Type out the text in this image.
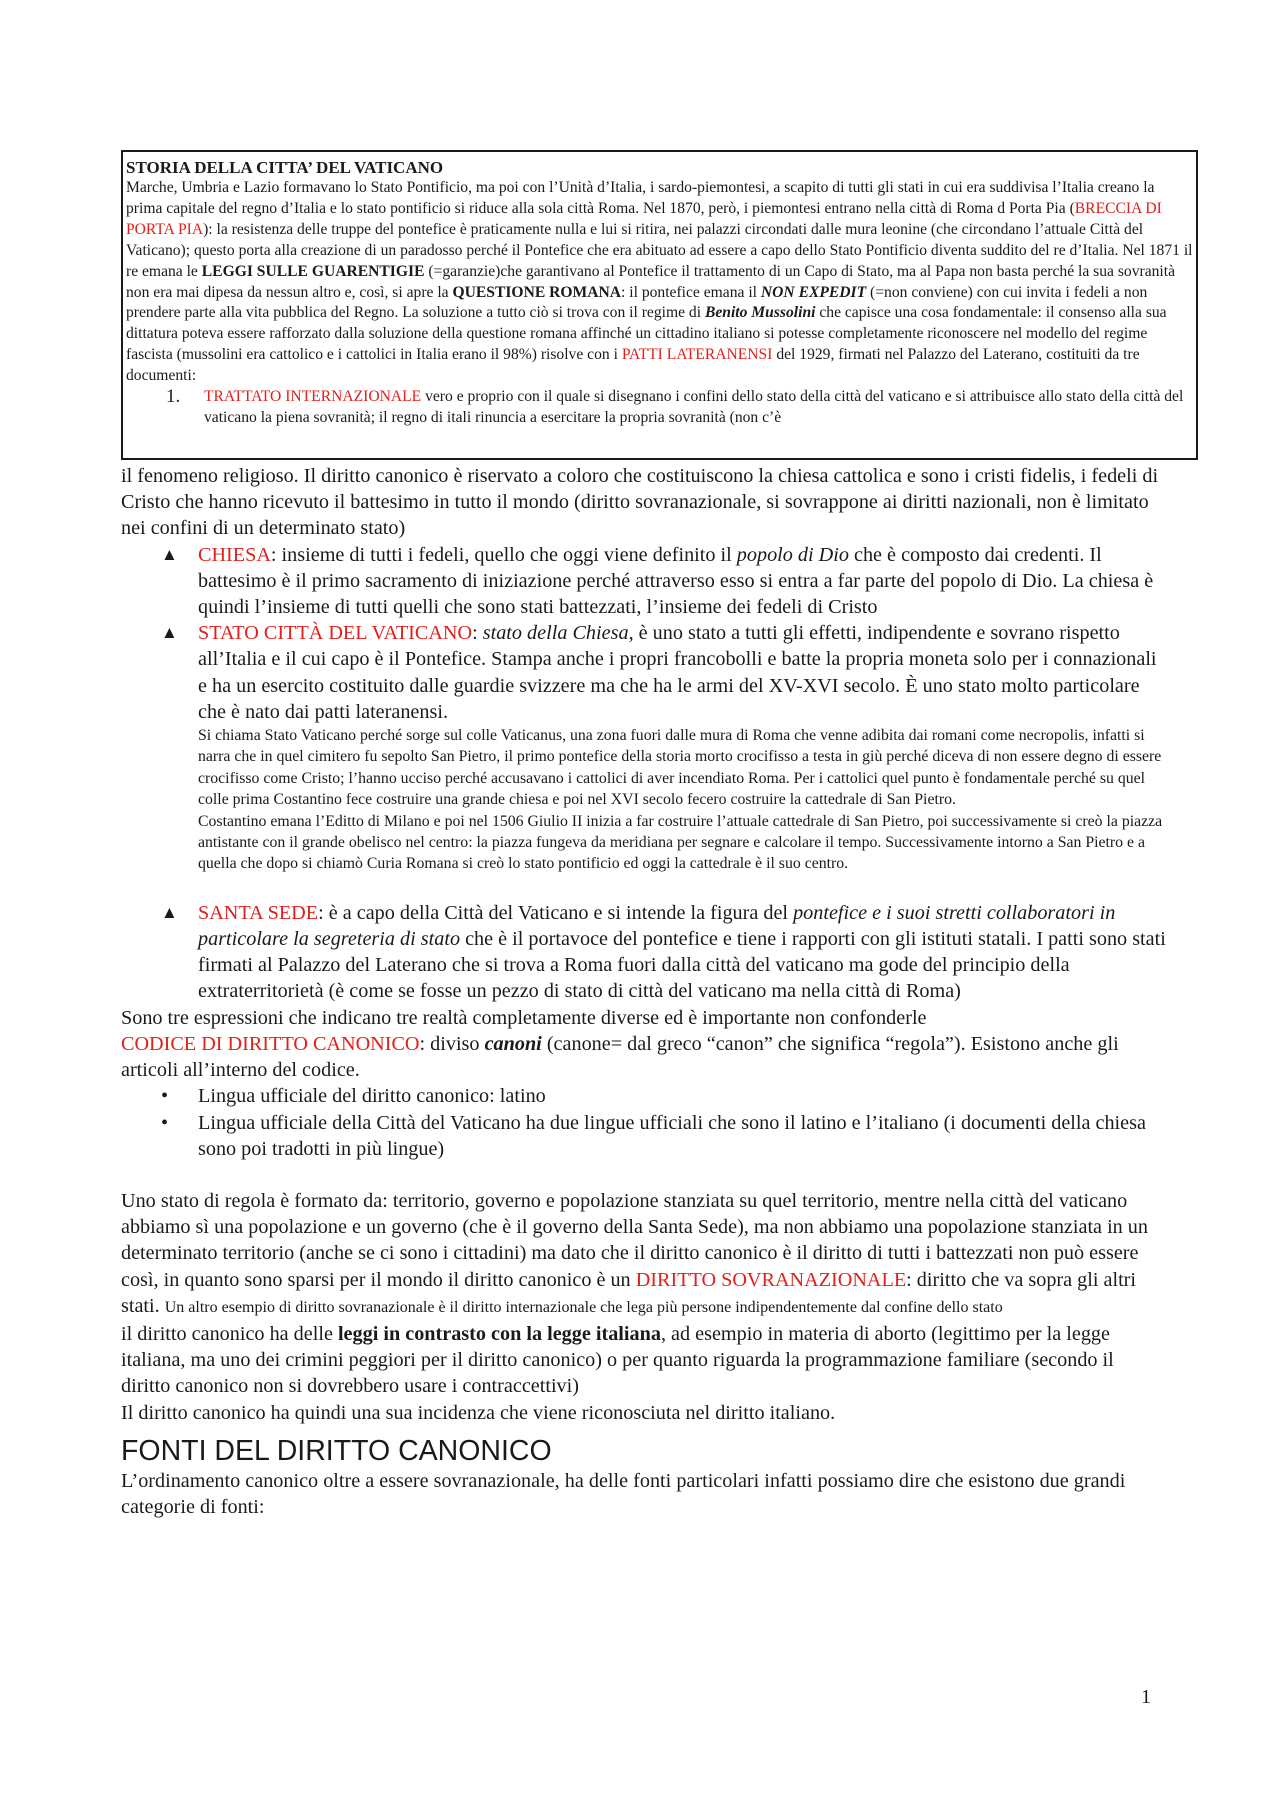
STORIA DELLA CITTA’ DEL VATICANO

Marche, Umbria e Lazio formavano lo Stato Pontificio, ma poi con l’Unità d’Italia, i sardo-piemontesi, a scapito di tutti gli stati in cui era suddivisa l’Italia creano la prima capitale del regno d’Italia e lo stato pontificio si riduce alla sola città Roma. Nel 1870, però, i piemontesi entrano nella città di Roma d Porta Pia (BRECCIA DI PORTA PIA): la resistenza delle truppe del pontefice è praticamente nulla e lui si ritira, nei palazzi circondati dalle mura leonine (che circondano l’attuale Città del Vaticano); questo porta alla creazione di un paradosso perché il Pontefice che era abituato ad essere a capo dello Stato Pontificio diventa suddito del re d’Italia. Nel 1871 il re emana le LEGGI SULLE GUARENTIGIE (=garanzie)che garantivano al Pontefice il trattamento di un Capo di Stato, ma al Papa non basta perché la sua sovranità non era mai dipesa da nessun altro e, così, si apre la QUESTIONE ROMANA: il pontefice emana il NON EXPEDIT (=non conviene) con cui invita i fedeli a non prendere parte alla vita pubblica del Regno. La soluzione a tutto ciò si trova con il regime di Benito Mussolini che capisce una cosa fondamentale: il consenso alla sua dittatura poteva essere rafforzato dalla soluzione della questione romana affinché un cittadino italiano si potesse completamente riconoscere nel modello del regime fascista (mussolini era cattolico e i cattolici in Italia erano il 98%) risolve con i PATTI LATERANENSI del 1929, firmati nel Palazzo del Laterano, costituiti da tre documenti:

1. TRATTATO INTERNAZIONALE vero e proprio con il quale si disegnano i confini dello stato della città del vaticano e si attribuisce allo stato della città del vaticano la piena sovranità; il regno di itali rinuncia a esercitare la propria sovranità (non c’è

il fenomeno religioso. Il diritto canonico è riservato a coloro che costituiscono la chiesa cattolica e sono i cristi fidelis, i fedeli di Cristo che hanno ricevuto il battesimo in tutto il mondo (diritto sovranazionale, si sovrappone ai diritti nazionali, non è limitato nei confini di un determinato stato)

▲ CHIESA: insieme di tutti i fedeli, quello che oggi viene definito il popolo di Dio che è composto dai credenti. Il battesimo è il primo sacramento di iniziazione perché attraverso esso si entra a far parte del popolo di Dio. La chiesa è quindi l’insieme di tutti quelli che sono stati battezzati, l’insieme dei fedeli di Cristo
▲ STATO CITTÀ DEL VATICANO: stato della Chiesa, è uno stato a tutti gli effetti, indipendente e sovrano rispetto all’Italia e il cui capo è il Pontefice. Stampa anche i propri francobolli e batte la propria moneta solo per i connazionali e ha un esercito costituito dalle guardie svizzere ma che ha le armi del XV-XVI secolo. È uno stato molto particolare che è nato dai patti lateranensi.

Si chiama Stato Vaticano perché sorge sul colle Vaticanus, una zona fuori dalle mura di Roma che venne adibita dai romani come necropolis, infatti si narra che in quel cimitero fu sepolto San Pietro, il primo pontefice della storia morto crocifisso a testa in giù perché diceva di non essere degno di essere crocifisso come Cristo; l’hanno ucciso perché accusavano i cattolici di aver incendiato Roma. Per i cattolici quel punto è fondamentale perché su quel colle prima Costantino fece costruire una grande chiesa e poi nel XVI secolo fecero costruire la cattedrale di San Pietro.

Costantino emana l’Editto di Milano e poi nel 1506 Giulio II inizia a far costruire l’attuale cattedrale di San Pietro, poi successivamente si creò la piazza antistante con il grande obelisco nel centro: la piazza fungeva da meridiana per segnare e calcolare il tempo. Successivamente intorno a San Pietro e a quella che dopo si chiamò Curia Romana si creò lo stato pontificio ed oggi la cattedrale è il suo centro.

▲ SANTA SEDE: è a capo della Città del Vaticano e si intende la figura del pontefice e i suoi stretti collaboratori in particolare la segreteria di stato che è il portavoce del pontefice e tiene i rapporti con gli istituti statali. I patti sono stati firmati al Palazzo del Laterano che si trova a Roma fuori dalla città del vaticano ma gode del principio della extraterritorietà (è come se fosse un pezzo di stato di città del vaticano ma nella città di Roma)

Sono tre espressioni che indicano tre realtà completamente diverse ed è importante non confonderle

CODICE DI DIRITTO CANONICO: diviso canoni (canone= dal greco “canon” che significa “regola”). Esistono anche gli articoli all’interno del codice.

• Lingua ufficiale del diritto canonico: latino
• Lingua ufficiale della Città del Vaticano ha due lingue ufficiali che sono il latino e l’italiano (i documenti della chiesa sono poi tradotti in più lingue)

Uno stato di regola è formato da: territorio, governo e popolazione stanziata su quel territorio, mentre nella città del vaticano abbiamo sì una popolazione e un governo (che è il governo della Santa Sede), ma non abbiamo una popolazione stanziata in un determinato territorio (anche se ci sono i cittadini) ma dato che il diritto canonico è il diritto di tutti i battezzati non può essere così, in quanto sono sparsi per il mondo il diritto canonico è un DIRITTO SOVRANAZIONALE: diritto che va sopra gli altri stati. Un altro esempio di diritto sovranazionale è il diritto internazionale che lega più persone indipendentemente dal confine dello stato

il diritto canonico ha delle leggi in contrasto con la legge italiana, ad esempio in materia di aborto (legittimo per la legge italiana, ma uno dei crimini peggiori per il diritto canonico) o per quanto riguarda la programmazione familiare (secondo il diritto canonico non si dovrebbero usare i contraccettivi)

Il diritto canonico ha quindi una sua incidenza che viene riconosciuta nel diritto italiano.

FONTI DEL DIRITTO CANONICO

L’ordinamento canonico oltre a essere sovranazionale, ha delle fonti particolari infatti possiamo dire che esistono due grandi categorie di fonti:

1
